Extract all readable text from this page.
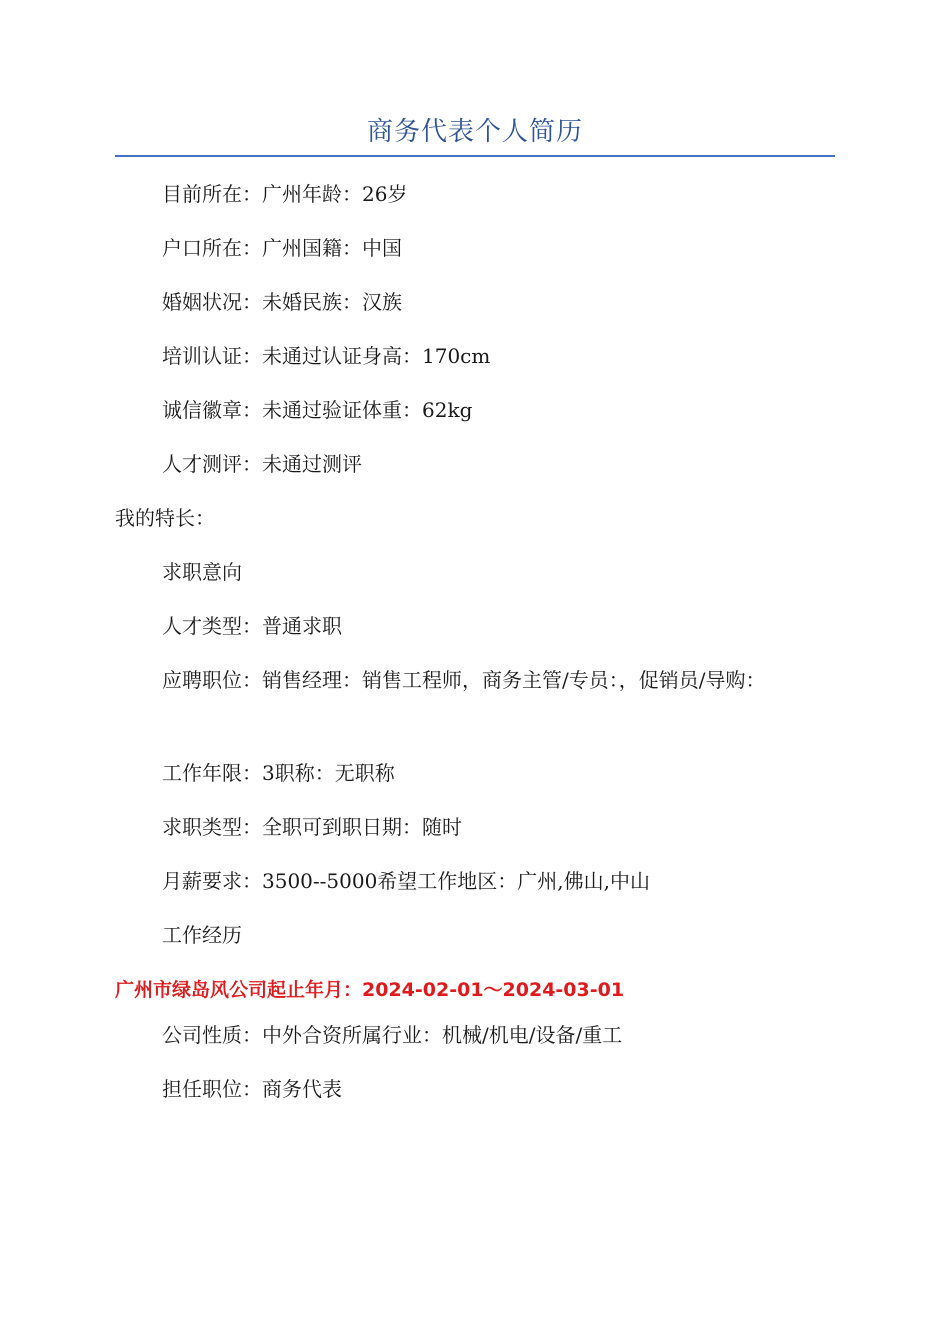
商务代表个人简历
目前所在：广州年龄：26岁
户口所在：广州国籍：中国
婚姻状况：未婚民族：汉族
培训认证：未通过认证身高：170cm
诚信徽章：未通过验证体重：62kg
人才测评：未通过测评
我的特长：
求职意向
人才类型：普通求职
应聘职位：销售经理：销售工程师，商务主管/专员：，促销员/导购：
工作年限：3职称：无职称
求职类型：全职可到职日期：随时
月薪要求：3500--5000希望工作地区：广州,佛山,中山
工作经历
广州市绿岛风公司起止年月：2024-02-01～2024-03-01
公司性质：中外合资所属行业：机械/机电/设备/重工
担任职位：商务代表
